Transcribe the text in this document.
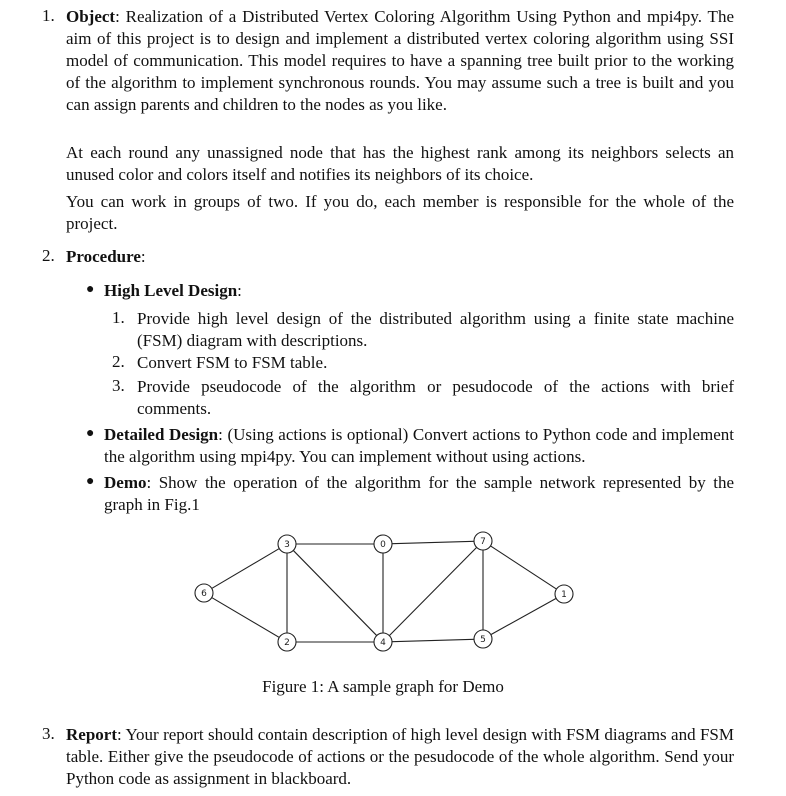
1. Object: Realization of a Distributed Vertex Coloring Algorithm Using Python and mpi4py. The aim of this project is to design and implement a distributed vertex coloring algorithm using SSI model of communication. This model requires to have a spanning tree built prior to the working of the algorithm to implement synchronous rounds. You may assume such a tree is built and you can assign parents and children to the nodes as you like.
At each round any unassigned node that has the highest rank among its neighbors selects an unused color and colors itself and notifies its neighbors of its choice.
You can work in groups of two. If you do, each member is responsible for the whole of the project.
2. Procedure:
● High Level Design:
1. Provide high level design of the distributed algorithm using a finite state machine (FSM) diagram with descriptions.
2. Convert FSM to FSM table.
3. Provide pseudocode of the algorithm or pesudocode of the actions with brief comments.
● Detailed Design: (Using actions is optional) Convert actions to Python code and implement the algorithm using mpi4py. You can implement without using actions.
● Demo: Show the operation of the algorithm for the sample network represented by the graph in Fig.1
3	0	7
6	1
2	4	5
Figure 1: A sample graph for Demo
3. Report: Your report should contain description of high level design with FSM diagrams and FSM table. Either give the pseudocode of actions or the pesudocode of the whole algorithm. Send your Python code as assignment in blackboard.
